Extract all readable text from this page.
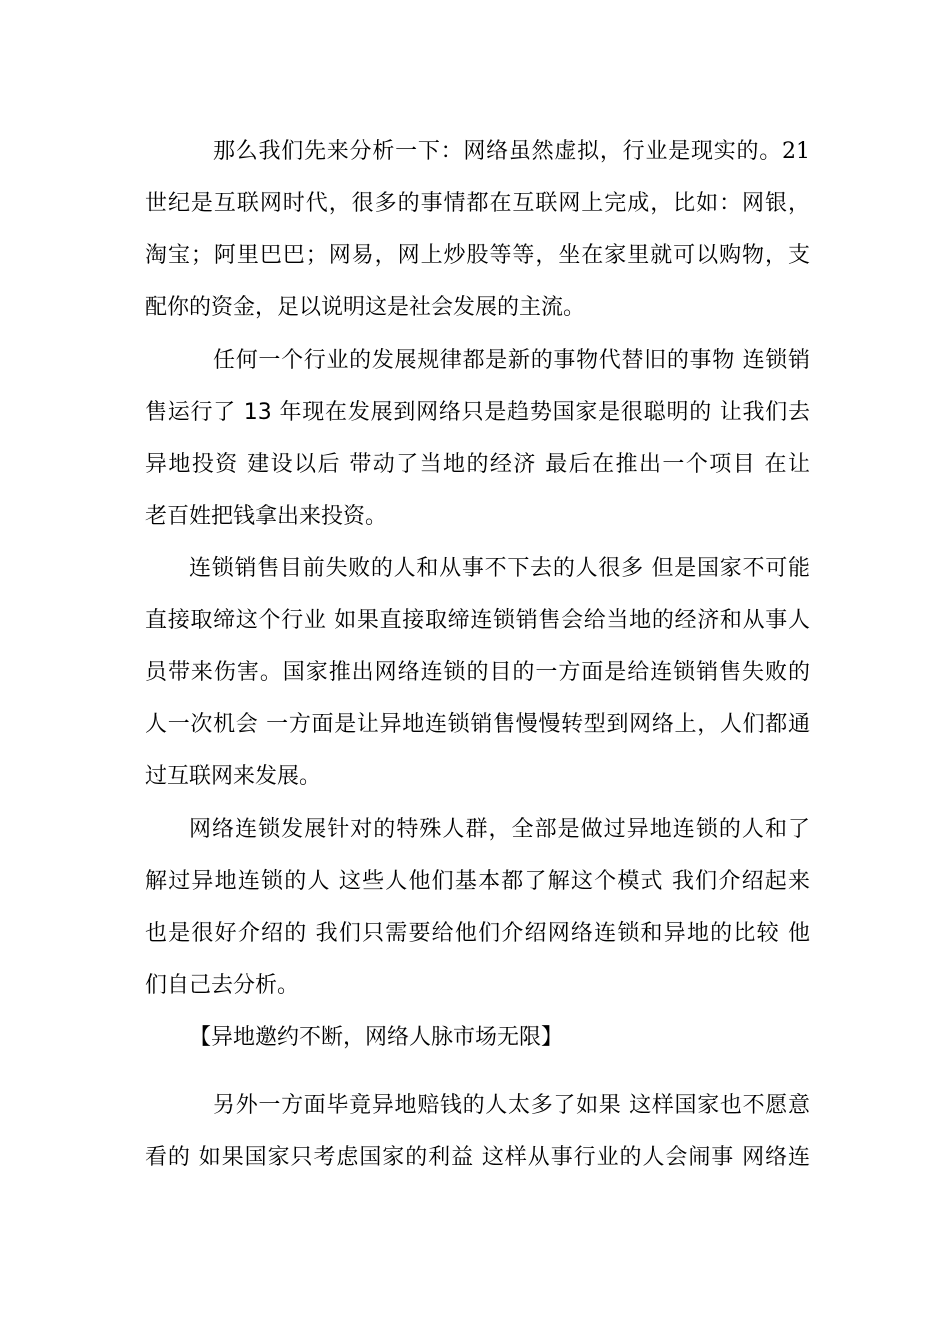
那么我们先来分析一下：网络虽然虚拟，行业是现实的。21
世纪是互联网时代，很多的事情都在互联网上完成，比如：网银，
淘宝；阿里巴巴；网易，网上炒股等等，坐在家里就可以购物，支
配你的资金，足以说明这是社会发展的主流。
任何一个行业的发展规律都是新的事物代替旧的事物 连锁销
售运行了 13 年现在发展到网络只是趋势国家是很聪明的 让我们去
异地投资 建设以后 带动了当地的经济 最后在推出一个项目 在让
老百姓把钱拿出来投资。
连锁销售目前失败的人和从事不下去的人很多 但是国家不可能
直接取缔这个行业 如果直接取缔连锁销售会给当地的经济和从事人
员带来伤害。国家推出网络连锁的目的一方面是给连锁销售失败的
人一次机会 一方面是让异地连锁销售慢慢转型到网络上，人们都通
过互联网来发展。
网络连锁发展针对的特殊人群，全部是做过异地连锁的人和了
解过异地连锁的人 这些人他们基本都了解这个模式 我们介绍起来
也是很好介绍的 我们只需要给他们介绍网络连锁和异地的比较 他
们自己去分析。
【异地邀约不断，网络人脉市场无限】
另外一方面毕竟异地赔钱的人太多了如果 这样国家也不愿意
看的 如果国家只考虑国家的利益 这样从事行业的人会闹事 网络连
